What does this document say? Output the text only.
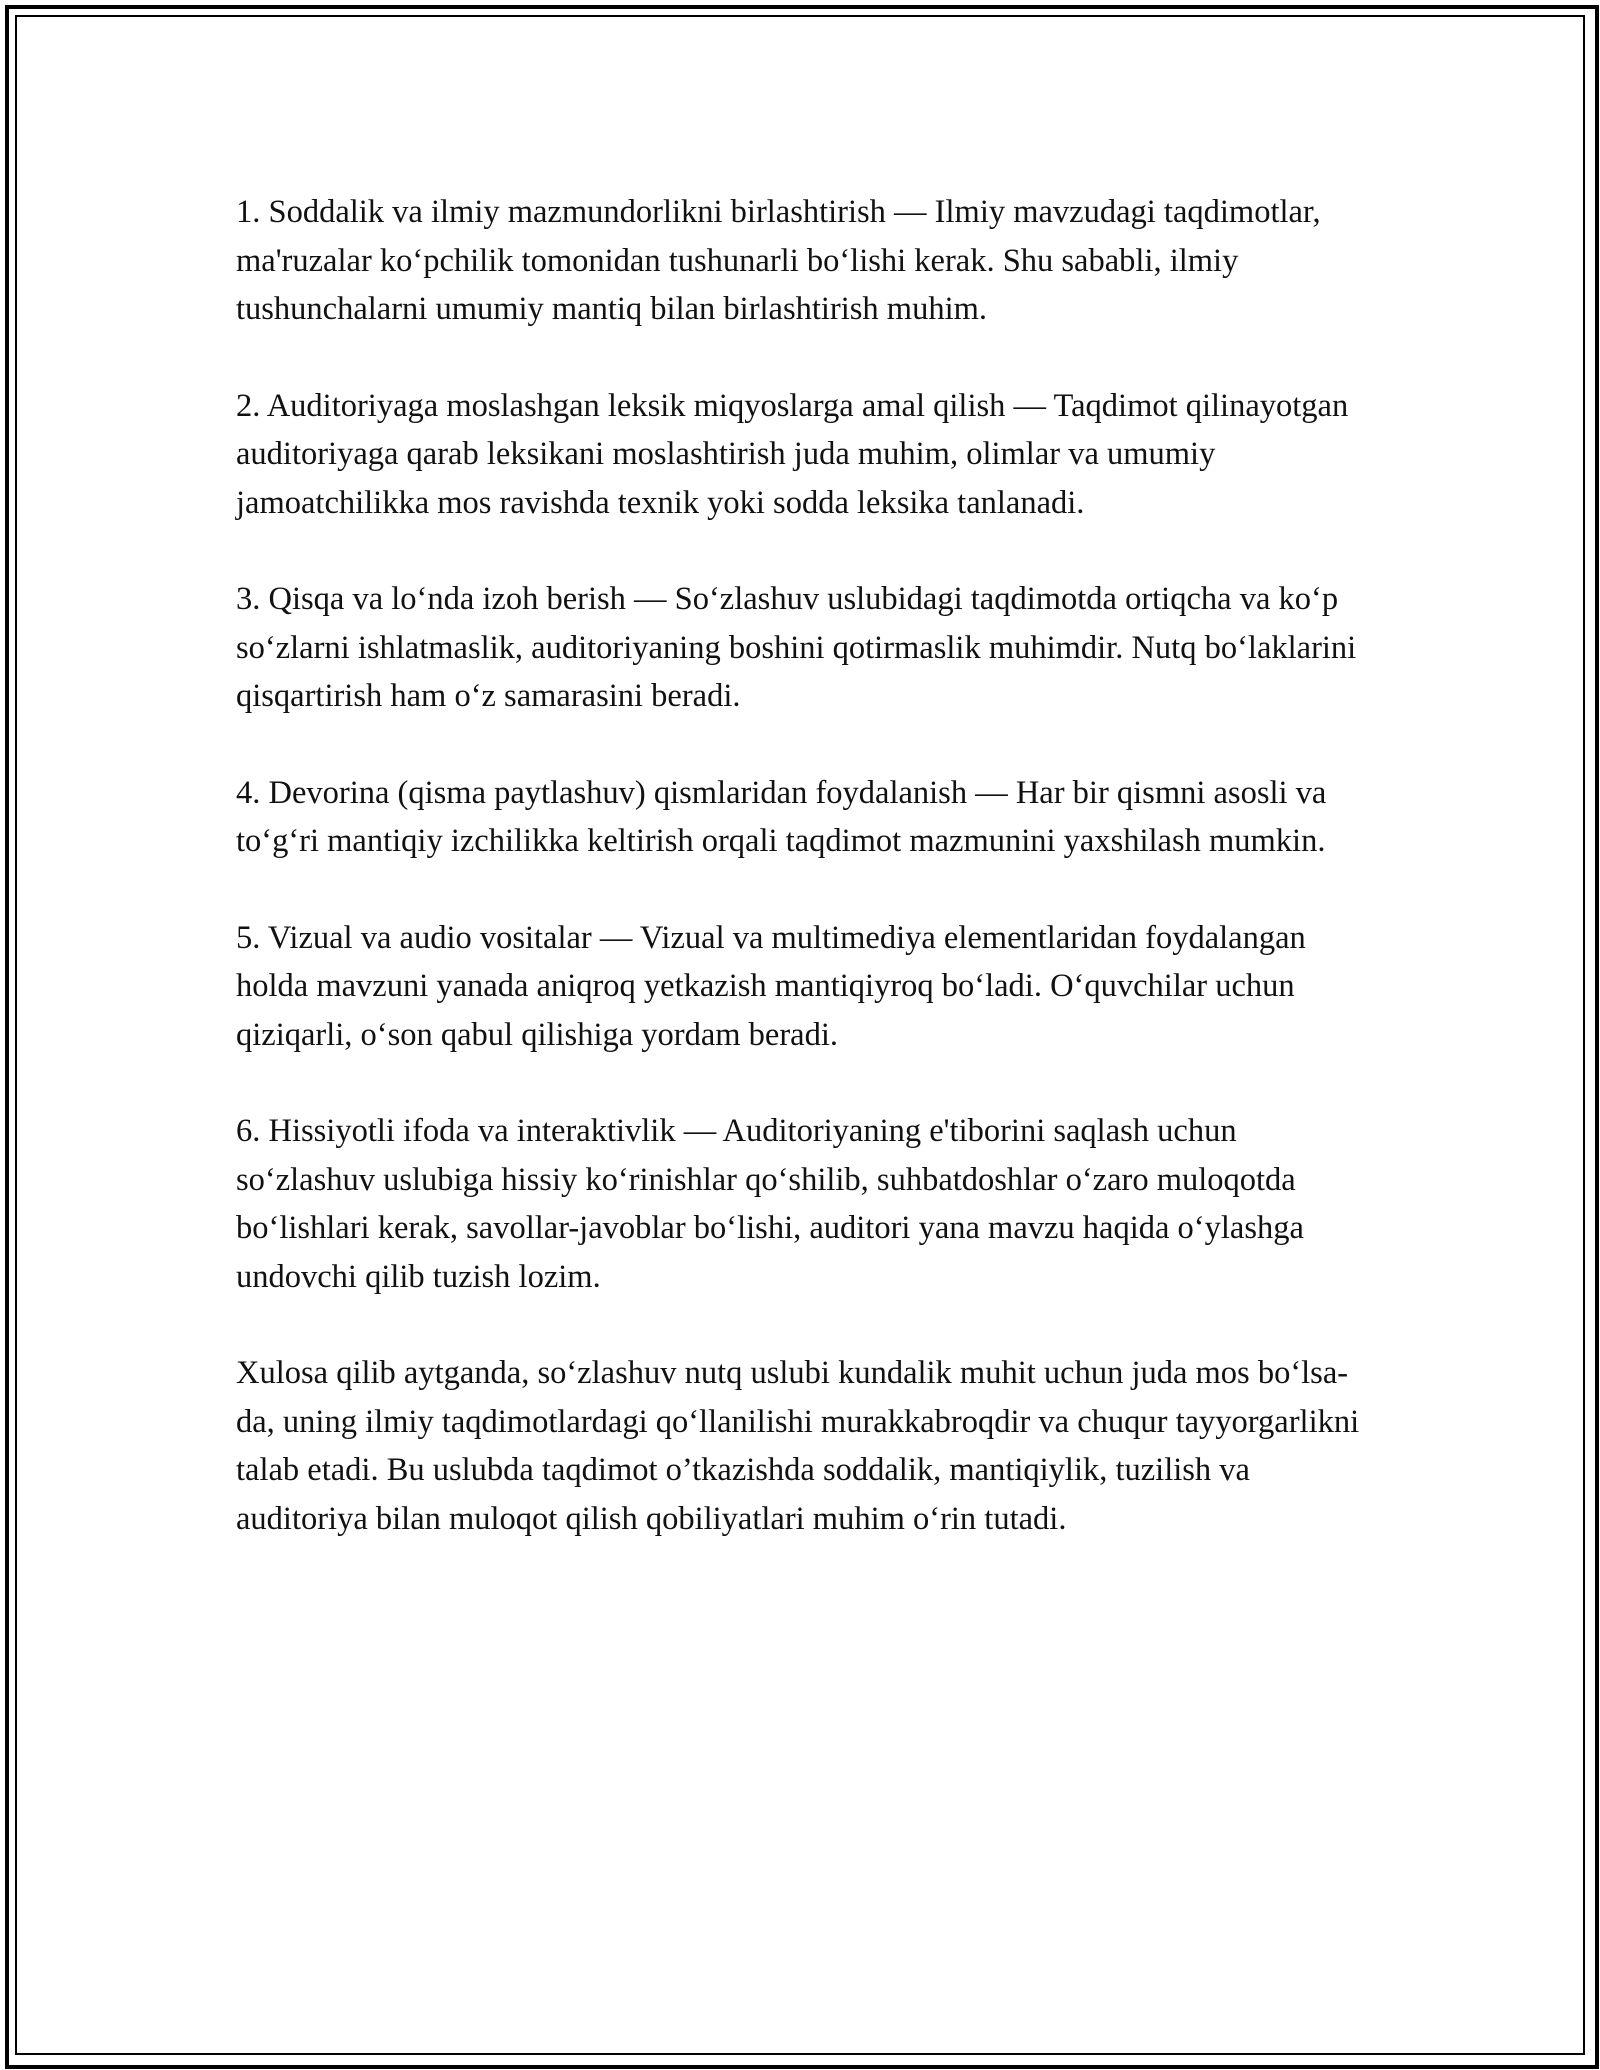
1. Soddalik va ilmiy mazmundorlikni birlashtirish — Ilmiy mavzudagi taqdimotlar, ma'ruzalar ko‘pchilik tomonidan tushunarli bo‘lishi kerak. Shu sababli, ilmiy tushunchalarni umumiy mantiq bilan birlashtirish muhim.

2. Auditoriyaga moslashgan leksik miqyoslarga amal qilish — Taqdimot qilinayotgan auditoriyaga qarab leksikani moslashtirish juda muhim, olimlar va umumiy jamoatchilikka mos ravishda texnik yoki sodda leksika tanlanadi.

3. Qisqa va lo‘nda izoh berish — So‘zlashuv uslubidagi taqdimotda ortiqcha va ko‘p so‘zlarni ishlatmaslik, auditoriyaning boshini qotirmaslik muhimdir. Nutq bo‘laklarini qisqartirish ham o‘z samarasini beradi.

4. Devorina (qisma paytlashuv) qismlaridan foydalanish — Har bir qismni asosli va to‘g‘ri mantiqiy izchilikka keltirish orqali taqdimot mazmunini yaxshilash mumkin.

5. Vizual va audio vositalar — Vizual va multimediya elementlaridan foydalangan holda mavzuni yanada aniqroq yetkazish mantiqiyroq bo‘ladi. O‘quvchilar uchun qiziqarli, o‘son qabul qilishiga yordam beradi.

6. Hissiyotli ifoda va interaktivlik — Auditoriyaning e'tiborini saqlash uchun so‘zlashuv uslubiga hissiy ko‘rinishlar qo‘shilib, suhbatdoshlar o‘zaro muloqotda bo‘lishlari kerak, savollar-javoblar bo‘lishi, auditori yana mavzu haqida o‘ylashga undovchi qilib tuzish lozim.

Xulosa qilib aytganda, so‘zlashuv nutq uslubi kundalik muhit uchun juda mos bo‘lsa-da, uning ilmiy taqdimotlardagi qo‘llanilishi murakkabroqdir va chuqur tayyorgarlikni talab etadi. Bu uslubda taqdimot o’tkazishda soddalik, mantiqiylik, tuzilish va auditoriya bilan muloqot qilish qobiliyatlari muhim o‘rin tutadi.
